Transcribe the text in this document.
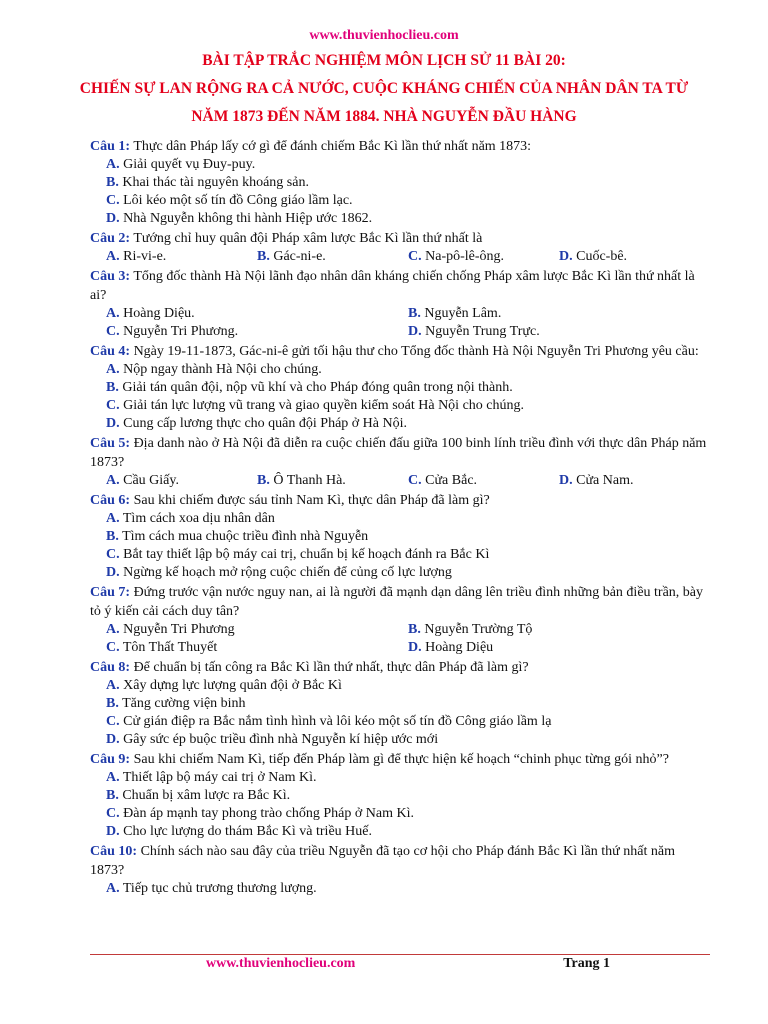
www.thuvienhoclieu.com
BÀI TẬP TRẮC NGHIỆM MÔN LỊCH SỬ 11 BÀI 20:
CHIẾN SỰ LAN RỘNG RA CẢ NƯỚC, CUỘC KHÁNG CHIẾN CỦA NHÂN DÂN TA TỪ
NĂM 1873 ĐẾN NĂM 1884. NHÀ NGUYỄN ĐẦU HÀNG
Câu 1: Thực dân Pháp lấy cớ gì để đánh chiếm Bắc Kì lần thứ nhất năm 1873:
A. Giải quyết vụ Đuy-puy.
B. Khai thác tài nguyên khoáng sản.
C. Lôi kéo một số tín đồ Công giáo lầm lạc.
D. Nhà Nguyễn không thi hành Hiệp ước 1862.
Câu 2: Tướng chỉ huy quân đội Pháp xâm lược Bắc Kì lần thứ nhất là
A. Ri-vi-e.	B. Gác-ni-e.	C. Na-pô-lê-ông.	D. Cuốc-bê.
Câu 3: Tổng đốc thành Hà Nội lãnh đạo nhân dân kháng chiến chống Pháp xâm lược Bắc Kì lần thứ nhất là ai?
A. Hoàng Diệu.	B. Nguyễn Lâm.
C. Nguyễn Tri Phương.	D. Nguyễn Trung Trực.
Câu 4: Ngày 19-11-1873, Gác-ni-ê gửi tối hậu thư cho Tổng đốc thành Hà Nội Nguyễn Tri Phương yêu cầu:
A. Nộp ngay thành Hà Nội cho chúng.
B. Giải tán quân đội, nộp vũ khí và cho Pháp đóng quân trong nội thành.
C. Giải tán lực lượng vũ trang và giao quyền kiểm soát Hà Nội cho chúng.
D. Cung cấp lương thực cho quân đội Pháp ở Hà Nội.
Câu 5: Địa danh nào ở Hà Nội đã diễn ra cuộc chiến đấu giữa 100 binh lính triều đình với thực dân Pháp năm 1873?
A. Cầu Giấy.	B. Ô Thanh Hà.	C. Cửa Bắc.	D. Cửa Nam.
Câu 6: Sau khi chiếm được sáu tỉnh Nam Kì, thực dân Pháp đã làm gì?
A. Tìm cách xoa dịu nhân dân
B. Tìm cách mua chuộc triều đình nhà Nguyễn
C. Bắt tay thiết lập bộ máy cai trị, chuẩn bị kế hoạch đánh ra Bắc Kì
D. Ngừng kế hoạch mở rộng cuộc chiến để củng cố lực lượng
Câu 7: Đứng trước vận nước nguy nan, ai là người đã mạnh dạn dâng lên triều đình những bản điều trần, bày tỏ ý kiến cải cách duy tân?
A. Nguyễn Tri Phương	B. Nguyễn Trường Tộ
C. Tôn Thất Thuyết	D. Hoàng Diệu
Câu 8: Để chuẩn bị tấn công ra Bắc Kì lần thứ nhất, thực dân Pháp đã làm gì?
A. Xây dựng lực lượng quân đội ở Bắc Kì
B. Tăng cường viện binh
C. Cử gián điệp ra Bắc nắm tình hình và lôi kéo một số tín đồ Công giáo lầm lạ
D. Gây sức ép buộc triều đình nhà Nguyễn kí hiệp ước mới
Câu 9: Sau khi chiếm Nam Kì, tiếp đến Pháp làm gì để thực hiện kế hoạch “chinh phục từng gói nhỏ”?
A. Thiết lập bộ máy cai trị ở Nam Kì.
B. Chuẩn bị xâm lược ra Bắc Kì.
C. Đàn áp mạnh tay phong trào chống Pháp ở Nam Kì.
D. Cho lực lượng do thám Bắc Kì và triều Huế.
Câu 10: Chính sách nào sau đây của triều Nguyễn đã tạo cơ hội cho Pháp đánh Bắc Kì lần thứ nhất năm 1873?
A. Tiếp tục chủ trương thương lượng.
www.thuvienhoclieu.com	Trang 1
